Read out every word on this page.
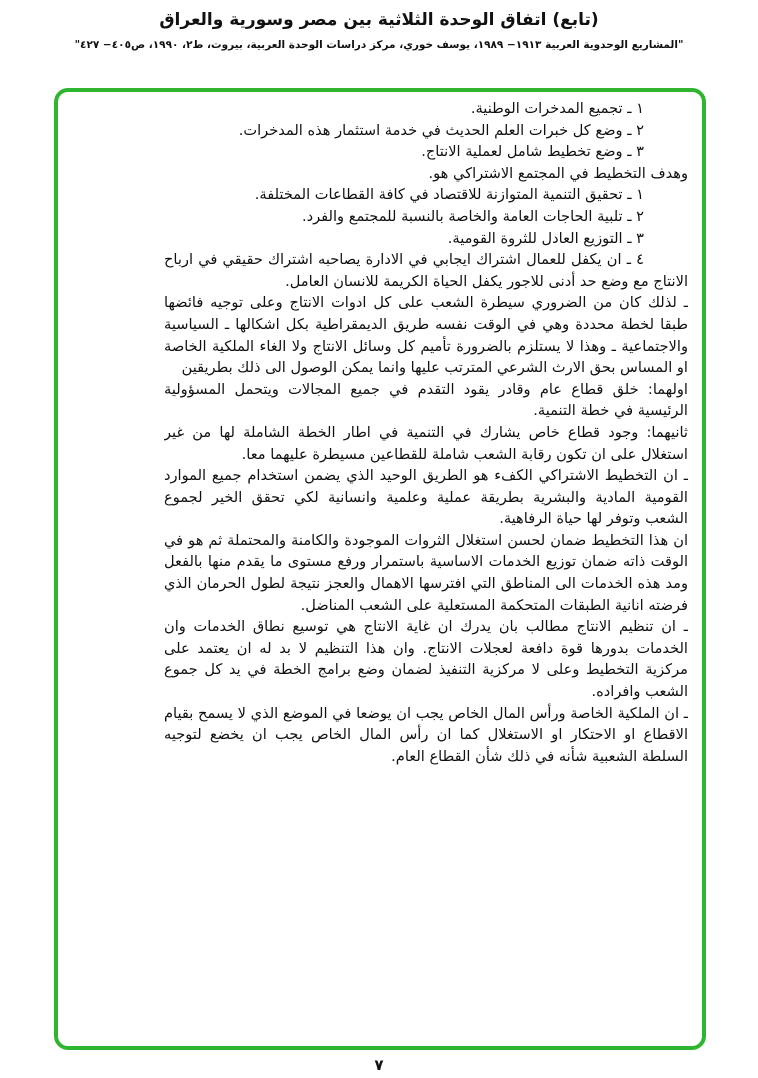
(تابع) اتفاق الوحدة الثلاثية بين مصر وسورية والعراق
"المشاريع الوحدوية العربية ١٩١٣− ١٩٨٩، يوسف خوري، مركز دراسات الوحدة العربية، بيروت، ط٢، ١٩٩٠، ص٤٠٥− ٤٢٧"

١ ـ تجميع المدخرات الوطنية.

٢ ـ وضع كل خبرات العلم الحديث في خدمة استثمار هذه المدخرات.

٣ ـ وضع تخطيط شامل لعملية الانتاج.

وهدف التخطيط في المجتمع الاشتراكي هو.

١ ـ تحقيق التنمية المتوازنة للاقتصاد في كافة القطاعات المختلفة.

٢ ـ تلبية الحاجات العامة والخاصة بالنسبة للمجتمع والفرد.

٣ ـ التوزيع العادل للثروة القومية.

٤ ـ ان يكفل للعمال اشتراك ايجابي في الادارة يصاحبه اشتراك حقيقي في ارباح الانتاج مع وضع حد أدنى للاجور يكفل الحياة الكريمة للانسان العامل.

ـ لذلك كان من الضروري سيطرة الشعب على كل ادوات الانتاج وعلى توجيه فائضها طبقا لخطة محددة وهي في الوقت نفسه طريق الديمقراطية بكل اشكالها ـ السياسية والاجتماعية ـ وهذا لا يستلزم بالضرورة تأميم كل وسائل الانتاج ولا الغاء الملكية الخاصة او المساس بحق الارث الشرعي المترتب عليها وانما يمكن الوصول الى ذلك بطريقين

اولهما: خلق قطاع عام وقادر يقود التقدم في جميع المجالات ويتحمل المسؤولية الرئيسية في خطة التنمية.

ثانيهما: وجود قطاع خاص يشارك في التنمية في اطار الخطة الشاملة لها من غير استغلال على ان تكون رقابة الشعب شاملة للقطاعين مسيطرة عليهما معا.

ـ ان التخطيط الاشتراكي الكفء هو الطريق الوحيد الذي يضمن استخدام جميع الموارد القومية المادية والبشرية بطريقة عملية وعلمية وانسانية لكي تحقق الخير لجموع الشعب وتوفر لها حياة الرفاهية.

ان هذا التخطيط ضمان لحسن استغلال الثروات الموجودة والكامنة والمحتملة ثم هو في الوقت ذاته ضمان توزيع الخدمات الاساسية باستمرار ورفع مستوى ما يقدم منها بالفعل ومد هذه الخدمات الى المناطق التي افترسها الاهمال والعجز نتيجة لطول الحرمان الذي فرضته انانية الطبقات المتحكمة المستعلية على الشعب المناضل.

ـ ان تنظيم الانتاج مطالب بان يدرك ان غاية الانتاج هي توسيع نطاق الخدمات وان الخدمات بدورها قوة دافعة لعجلات الانتاج. وان هذا التنظيم لا بد له ان يعتمد على مركزية التخطيط وعلى لا مركزية التنفيذ لضمان وضع برامج الخطة في يد كل جموع الشعب وافراده.

ـ ان الملكية الخاصة ورأس المال الخاص يجب ان يوضعا في الموضع الذي لا يسمح بقيام الاقطاع او الاحتكار او الاستغلال كما ان رأس المال الخاص يجب ان يخضع لتوجيه السلطة الشعبية شأنه في ذلك شأن القطاع العام.

٧
